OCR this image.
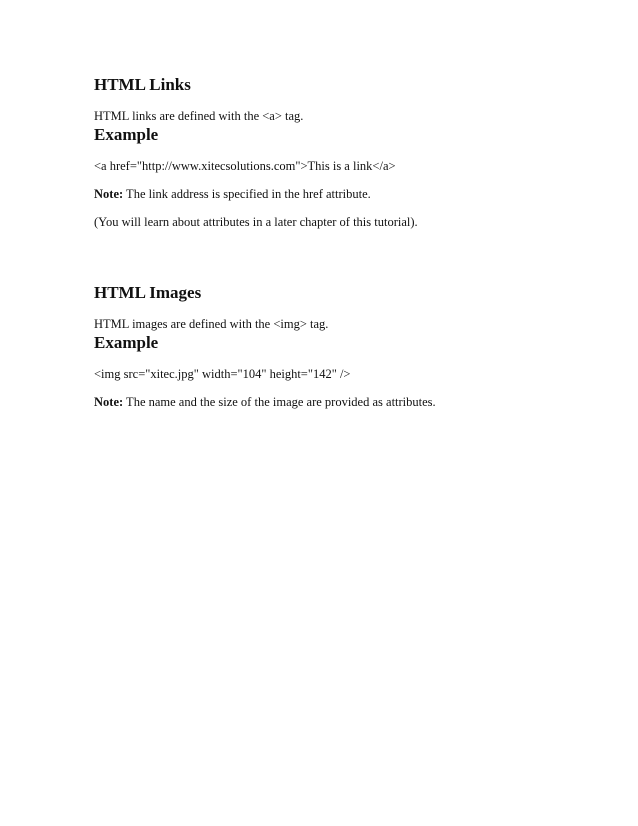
HTML Links

HTML links are defined with the <a> tag.

Example

<a href="http://www.xitecsolutions.com">This is a link</a>

Note: The link address is specified in the href attribute.

(You will learn about attributes in a later chapter of this tutorial).

HTML Images

HTML images are defined with the <img> tag.

Example

<img src="xitec.jpg" width="104" height="142" />

Note: The name and the size of the image are provided as attributes.
